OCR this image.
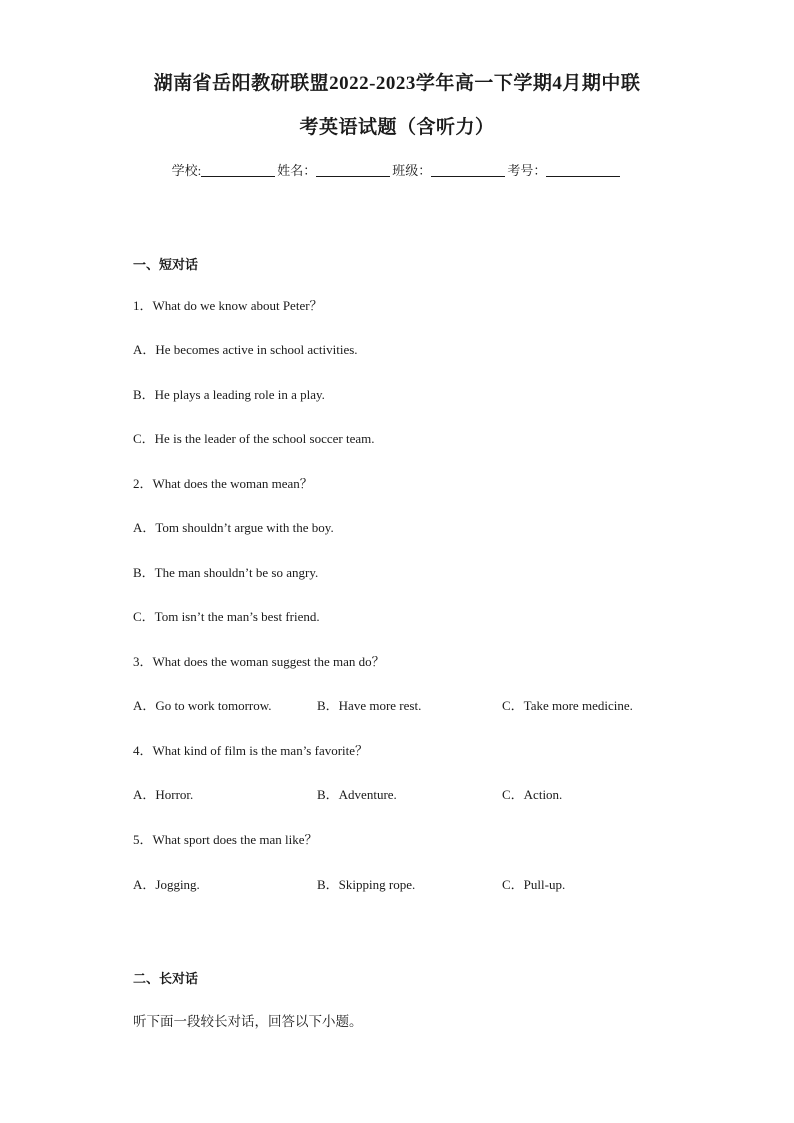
湖南省岳阳教研联盟2022-2023学年高一下学期4月期中联
考英语试题（含听力）
学校:	姓名：	班级：	考号：
一、短对话
1．What do we know about Peter？
A．He becomes active in school activities.
B．He plays a leading role in a play.
C．He is the leader of the school soccer team.
2．What does the woman mean？
A．Tom shouldn’t argue with the boy.
B．The man shouldn’t be so angry.
C．Tom isn’t the man’s best friend.
3．What does the woman suggest the man do？
A．Go to work tomorrow.	B．Have more rest.	C．Take more medicine.
4．What kind of film is the man’s favorite？
A．Horror.	B．Adventure.	C．Action.
5．What sport does the man like？
A．Jogging.	B．Skipping rope.	C．Pull-up.
二、长对话
听下面一段较长对话，回答以下小题。
